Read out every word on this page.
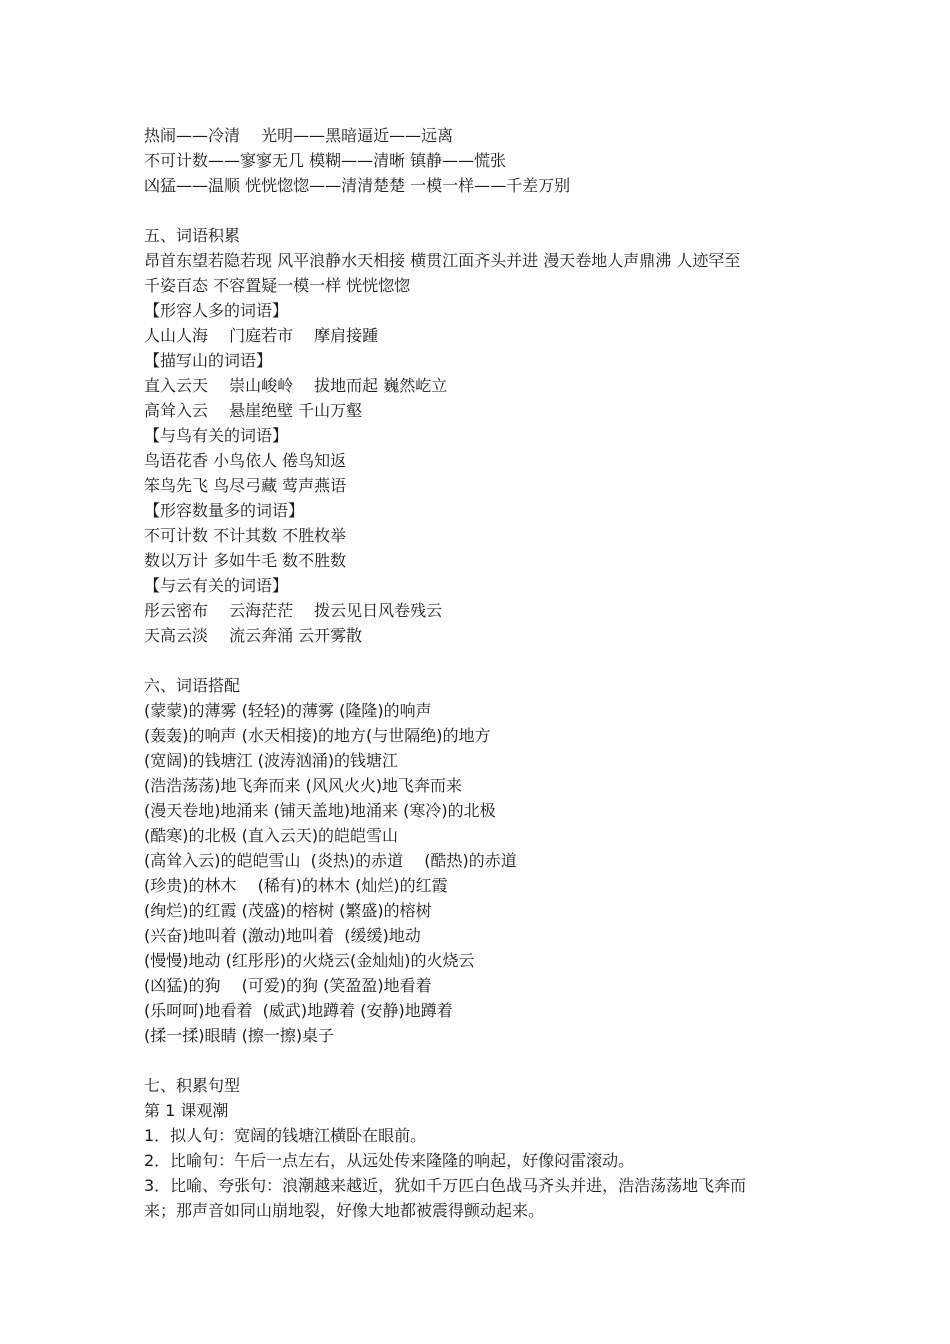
热闹——冷清　 光明——黑暗逼近——远离
不可计数——寥寥无几 模糊——清晰 镇静——慌张
凶猛——温顺 恍恍惚惚——清清楚楚 一模一样——千差万别
五、词语积累
昂首东望若隐若现 风平浪静水天相接 横贯江面齐头并进 漫天卷地人声鼎沸 人迹罕至
千姿百态 不容置疑一模一样 恍恍惚惚
【形容人多的词语】
人山人海　 门庭若市　 摩肩接踵
【描写山的词语】
直入云天　 崇山峻岭　 拔地而起 巍然屹立
高耸入云　 悬崖绝壁 千山万壑
【与鸟有关的词语】
鸟语花香 小鸟依人 倦鸟知返
笨鸟先飞 鸟尽弓藏 莺声燕语
【形容数量多的词语】
不可计数 不计其数 不胜枚举
数以万计 多如牛毛 数不胜数
【与云有关的词语】
彤云密布　 云海茫茫　 拨云见日风卷残云
天高云淡　 流云奔涌 云开雾散
六、词语搭配
(蒙蒙)的薄雾 (轻轻)的薄雾 (隆隆)的响声
(轰轰)的响声 (水天相接)的地方(与世隔绝)的地方
(宽阔)的钱塘江 (波涛汹涌)的钱塘江
(浩浩荡荡)地飞奔而来 (风风火火)地飞奔而来
(漫天卷地)地涌来 (铺天盖地)地涌来 (寒冷)的北极
(酷寒)的北极 (直入云天)的皑皑雪山
(高耸入云)的皑皑雪山  (炎热)的赤道　 (酷热)的赤道
(珍贵)的林木　 (稀有)的林木 (灿烂)的红霞
(绚烂)的红霞 (茂盛)的榕树 (繁盛)的榕树
(兴奋)地叫着 (激动)地叫着  (缓缓)地动
(慢慢)地动 (红彤彤)的火烧云(金灿灿)的火烧云
(凶猛)的狗　 (可爱)的狗 (笑盈盈)地看着
(乐呵呵)地看着  (威武)地蹲着 (安静)地蹲着
(揉一揉)眼睛 (擦一擦)桌子
七、积累句型
第 1 课观潮
1．拟人句：宽阔的钱塘江横卧在眼前。
2．比喻句：午后一点左右，从远处传来隆隆的响起，好像闷雷滚动。
3．比喻、夸张句：浪潮越来越近，犹如千万匹白色战马齐头并进，浩浩荡荡地飞奔而
来；那声音如同山崩地裂，好像大地都被震得颤动起来。
